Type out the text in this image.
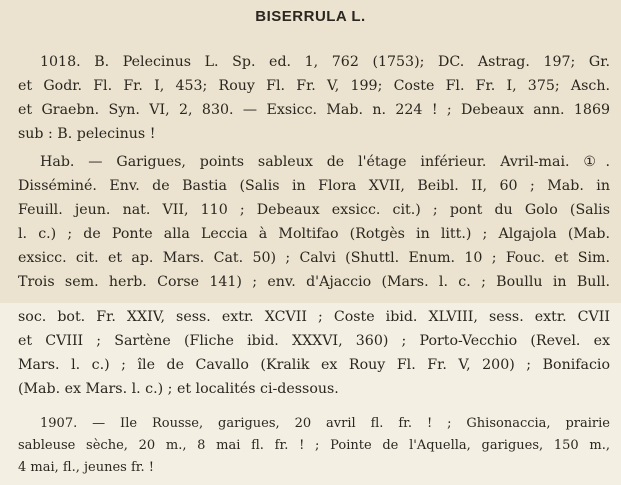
BISERRULA L.
1018. B. Pelecinus L. Sp. ed. 1, 762 (1753); DC. Astrag. 197; Gr.
et Godr. Fl. Fr. I, 453; Rouy Fl. Fr. V, 199; Coste Fl. Fr. I, 375; Asch.
et Graebn. Syn. VI, 2, 830. — Exsicc. Mab. n. 224 ! ; Debeaux ann. 1869
sub : B. pelecinus !
Hab. — Garigues, points sableux de l'étage inférieur. Avril-mai. ①.
Disséminé. Env. de Bastia (Salis in Flora XVII, Beibl. II, 60 ; Mab. in
Feuill. jeun. nat. VII, 110 ; Debeaux exsicc. cit.) ; pont du Golo (Salis
l. c.) ; de Ponte alla Leccia à Moltifao (Rotgès in litt.) ; Algajola (Mab.
exsicc. cit. et ap. Mars. Cat. 50) ; Calvi (Shuttl. Enum. 10 ; Fouc. et Sim.
Trois sem. herb. Corse 141) ; env. d'Ajaccio (Mars. l. c. ; Boullu in Bull.
soc. bot. Fr. XXIV, sess. extr. XCVII ; Coste ibid. XLVIII, sess. extr. CVII
et CVIII ; Sartène (Fliche ibid. XXXVI, 360) ; Porto-Vecchio (Revel. ex
Mars. l. c.) ; île de Cavallo (Kralik ex Rouy Fl. Fr. V, 200) ; Bonifacio
(Mab. ex Mars. l. c.) ; et localités ci-dessous.
1907. — Ile Rousse, garigues, 20 avril fl. fr. ! ; Ghisonaccia, prairie
sableuse sèche, 20 m., 8 mai fl. fr. ! ; Pointe de l'Aquella, garigues, 150 m.,
4 mai, fl., jeunes fr. !
